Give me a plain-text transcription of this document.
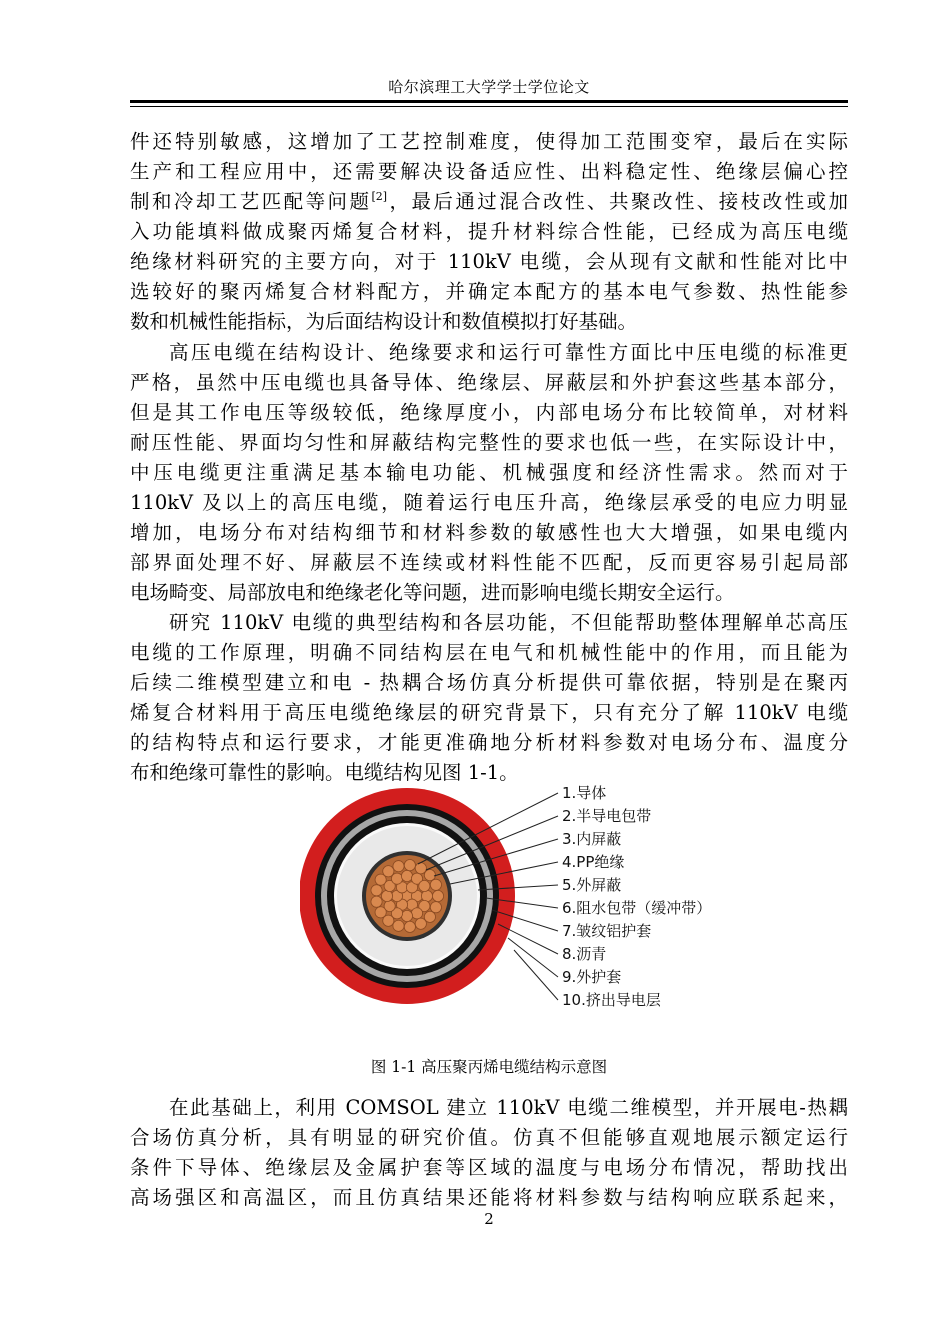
哈尔滨理工大学学士学位论文
件还特别敏感，这增加了工艺控制难度，使得加工范围变窄，最后在实际
生产和工程应用中，还需要解决设备适应性、出料稳定性、绝缘层偏心控
制和冷却工艺匹配等问题[2]，最后通过混合改性、共聚改性、接枝改性或加
入功能填料做成聚丙烯复合材料，提升材料综合性能，已经成为高压电缆
绝缘材料研究的主要方向，对于 110kV 电缆，会从现有文献和性能对比中
选较好的聚丙烯复合材料配方，并确定本配方的基本电气参数、热性能参
数和机械性能指标，为后面结构设计和数值模拟打好基础。
高压电缆在结构设计、绝缘要求和运行可靠性方面比中压电缆的标准更
严格，虽然中压电缆也具备导体、绝缘层、屏蔽层和外护套这些基本部分，
但是其工作电压等级较低，绝缘厚度小，内部电场分布比较简单，对材料
耐压性能、界面均匀性和屏蔽结构完整性的要求也低一些，在实际设计中，
中压电缆更注重满足基本输电功能、机械强度和经济性需求。然而对于
110kV 及以上的高压电缆，随着运行电压升高，绝缘层承受的电应力明显
增加，电场分布对结构细节和材料参数的敏感性也大大增强，如果电缆内
部界面处理不好、屏蔽层不连续或材料性能不匹配，反而更容易引起局部
电场畸变、局部放电和绝缘老化等问题，进而影响电缆长期安全运行。
研究 110kV 电缆的典型结构和各层功能，不但能帮助整体理解单芯高压
电缆的工作原理，明确不同结构层在电气和机械性能中的作用，而且能为
后续二维模型建立和电 - 热耦合场仿真分析提供可靠依据，特别是在聚丙
烯复合材料用于高压电缆绝缘层的研究背景下，只有充分了解 110kV 电缆
的结构特点和运行要求，才能更准确地分析材料参数对电场分布、温度分
布和绝缘可靠性的影响。电缆结构见图 1-1。
1.导体
2.半导电包带
3.内屏蔽
4.PP绝缘
5.外屏蔽
6.阻水包带（缓冲带）
7.皱纹铝护套
8.沥青
9.外护套
10.挤出导电层
图 1-1 高压聚丙烯电缆结构示意图
在此基础上，利用 COMSOL 建立 110kV 电缆二维模型，并开展电-热耦
合场仿真分析，具有明显的研究价值。仿真不但能够直观地展示额定运行
条件下导体、绝缘层及金属护套等区域的温度与电场分布情况，帮助找出
高场强区和高温区，而且仿真结果还能将材料参数与结构响应联系起来，
2
